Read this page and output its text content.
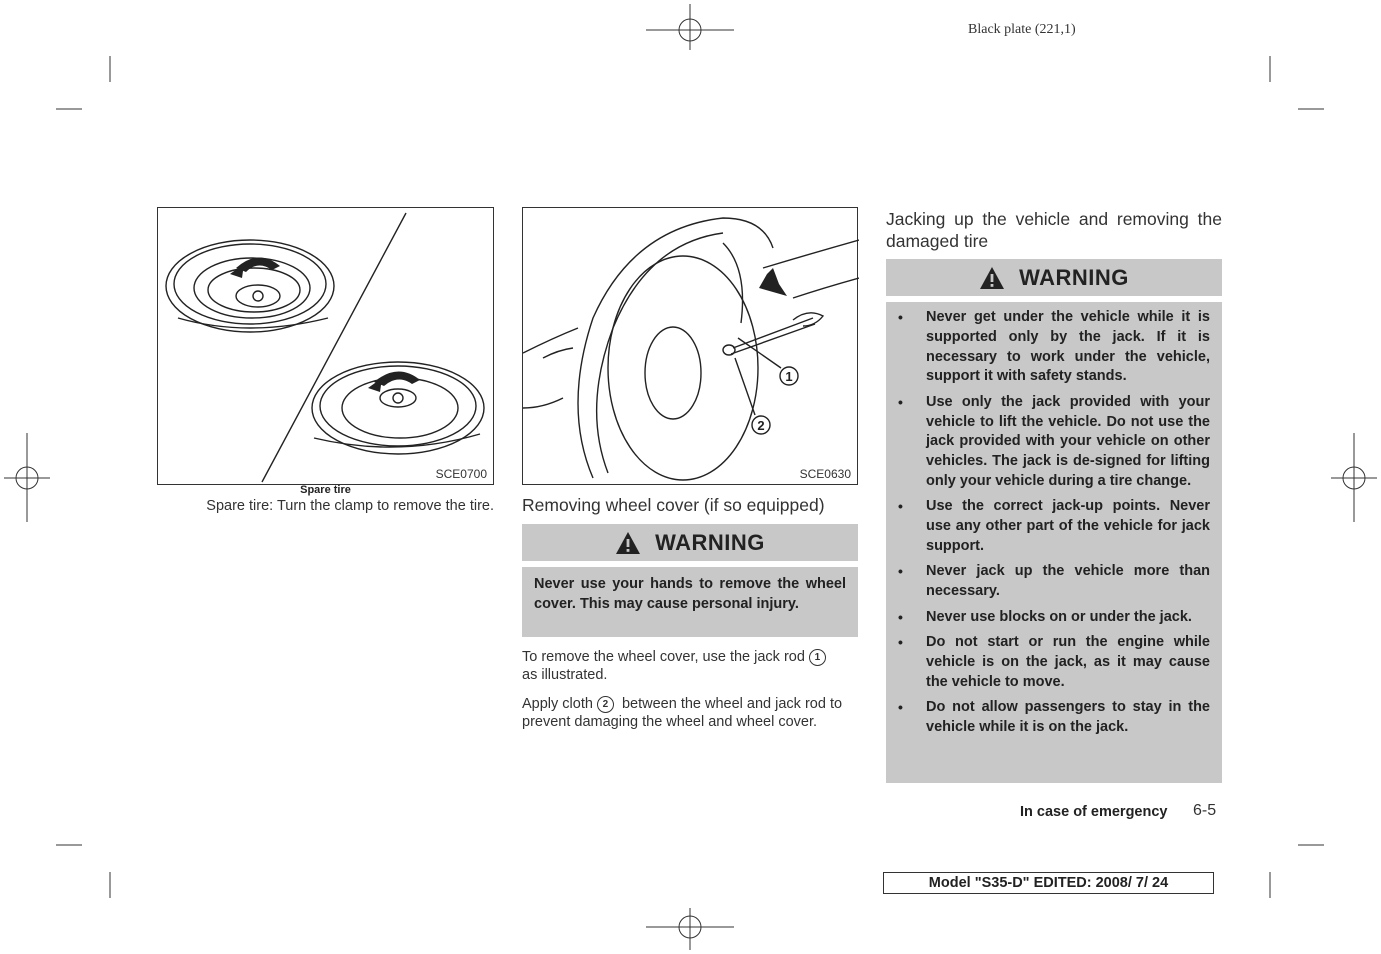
Black plate (221,1)
SCE0700
Spare tire
Spare tire: Turn the clamp to remove the tire.
1
2
SCE0630
Removing wheel cover (if so equipped)
WARNING
Never use your hands to remove the wheel cover. This may cause personal injury.
To remove the wheel cover, use the jack rod 1
as illustrated.
Apply cloth 2 between the wheel and jack rod to prevent damaging the wheel and wheel cover.
Jacking up the vehicle and removing the damaged tire
WARNING
• Never get under the vehicle while it is supported only by the jack. If it is necessary to work under the vehicle, support it with safety stands.
• Use only the jack provided with your vehicle to lift the vehicle. Do not use the jack provided with your vehicle on other vehicles. The jack is de-signed for lifting only your vehicle during a tire change.
• Use the correct jack-up points. Never use any other part of the vehicle for jack support.
• Never jack up the vehicle more than necessary.
• Never use blocks on or under the jack.
• Do not start or run the engine while vehicle is on the jack, as it may cause the vehicle to move.
• Do not allow passengers to stay in the vehicle while it is on the jack.
In case of emergency 6-5
Model "S35-D" EDITED: 2008/ 7/ 24
